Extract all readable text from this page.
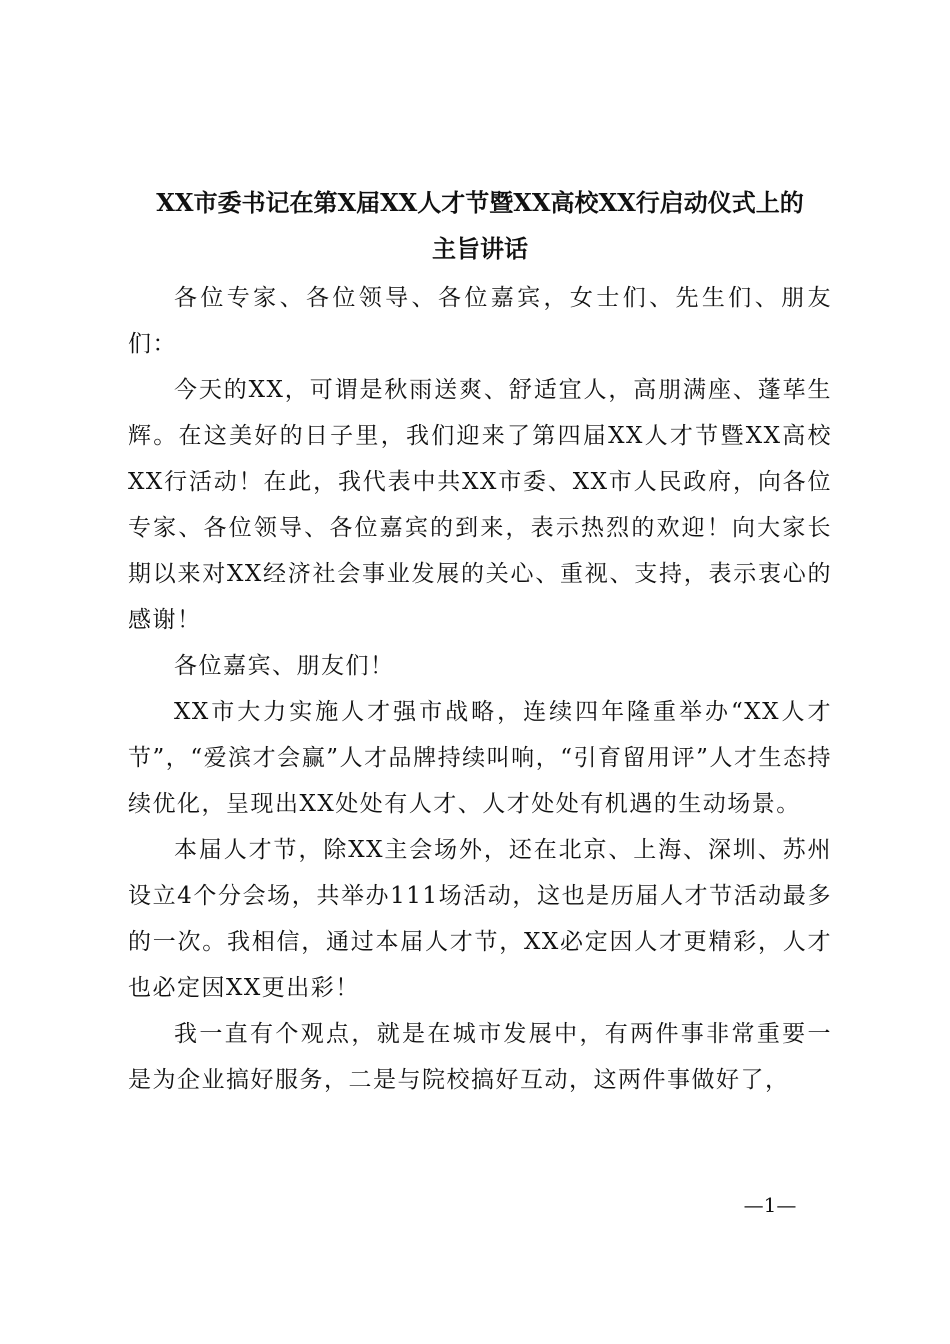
XX市委书记在第X届XX人才节暨XX高校XX行启动仪式上的
主旨讲话

各位专家、各位领导、各位嘉宾，女士们、先生们、朋友们：

今天的XX，可谓是秋雨送爽、舒适宜人，高朋满座、蓬荜生辉。在这美好的日子里，我们迎来了第四届XX人才节暨XX高校XX行活动！在此，我代表中共XX市委、XX市人民政府，向各位专家、各位领导、各位嘉宾的到来，表示热烈的欢迎！向大家长期以来对XX经济社会事业发展的关心、重视、支持，表示衷心的感谢！

各位嘉宾、朋友们！

XX市大力实施人才强市战略，连续四年隆重举办“XX人才节”，“爱滨才会赢”人才品牌持续叫响，“引育留用评”人才生态持续优化，呈现出XX处处有人才、人才处处有机遇的生动场景。

本届人才节，除XX主会场外，还在北京、上海、深圳、苏州设立4个分会场，共举办111场活动，这也是历届人才节活动最多的一次。我相信，通过本届人才节，XX必定因人才更精彩，人才也必定因XX更出彩！

我一直有个观点，就是在城市发展中，有两件事非常重要一是为企业搞好服务，二是与院校搞好互动，这两件事做好了，

—1—
